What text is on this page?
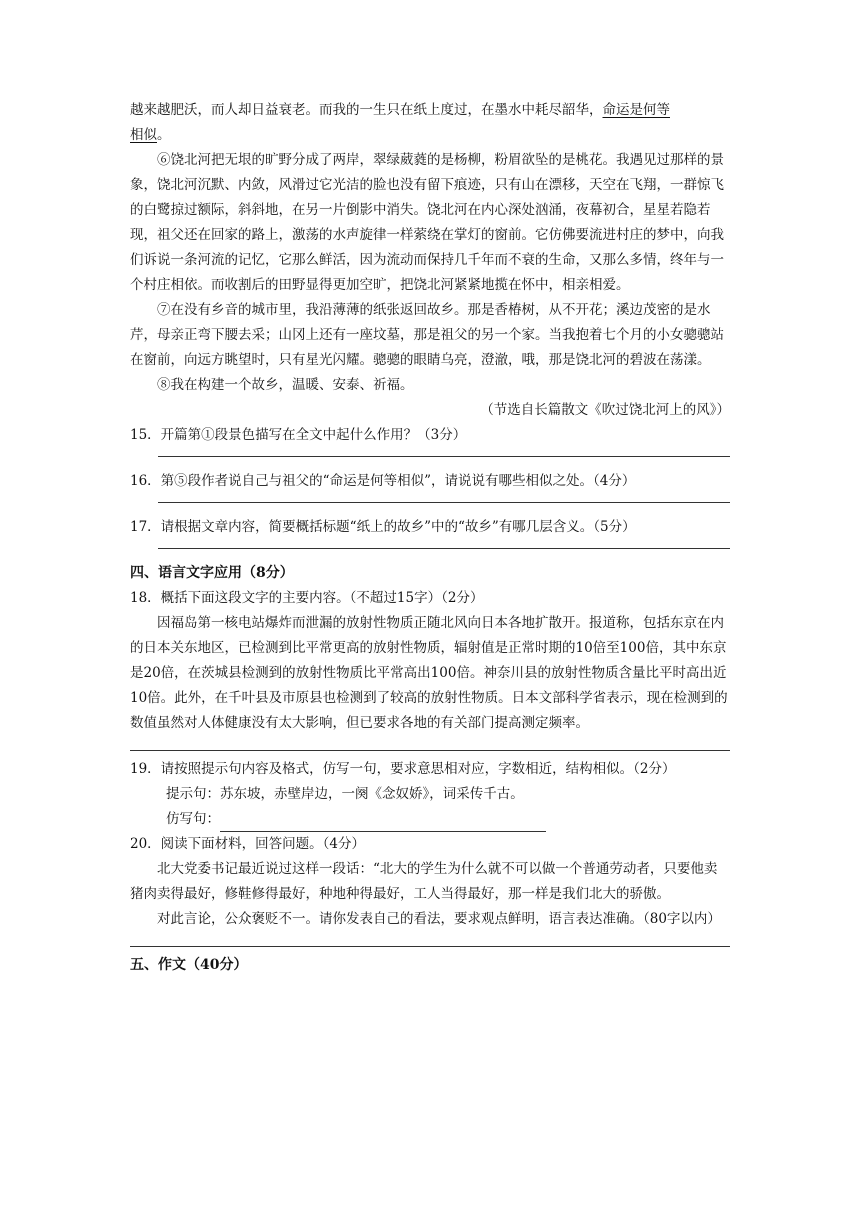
越来越肥沃，而人却日益衰老。而我的一生只在纸上度过，在墨水中耗尽韶华，命运是何等
相似。

⑥饶北河把无垠的旷野分成了两岸，翠绿葳蕤的是杨柳，粉眉欲坠的是桃花。我遇见过那样的景象，饶北河沉默、内敛，风滑过它光洁的脸也没有留下痕迹，只有山在漂移，天空在飞翔，一群惊飞的白鹭掠过额际，斜斜地，在另一片倒影中消失。饶北河在内心深处汹涌，夜幕初合，星星若隐若现，祖父还在回家的路上，激荡的水声旋律一样萦绕在掌灯的窗前。它仿佛要流进村庄的梦中，向我们诉说一条河流的记忆，它那么鲜活，因为流动而保持几千年而不衰的生命，又那么多情，终年与一个村庄相依。而收割后的田野显得更加空旷，把饶北河紧紧地揽在怀中，相亲相爱。

⑦在没有乡音的城市里，我沿薄薄的纸张返回故乡。那是香椿树，从不开花；溪边茂密的是水芹，母亲正弯下腰去采；山冈上还有一座坟墓，那是祖父的另一个家。当我抱着七个月的小女骢骢站在窗前，向远方眺望时，只有星光闪耀。骢骢的眼睛乌亮，澄澈，哦，那是饶北河的碧波在荡漾。

⑧我在构建一个故乡，温暖、安泰、祈福。

（节选自长篇散文《吹过饶北河上的风》）

15．开篇第①段景色描写在全文中起什么作用？（3分）

16．第⑤段作者说自己与祖父的“命运是何等相似”，请说说有哪些相似之处。（4分）

17．请根据文章内容，简要概括标题“纸上的故乡”中的“故乡”有哪几层含义。（5分）

四、语言文字应用（8分）

18．概括下面这段文字的主要内容。（不超过15字）（2分）

因福岛第一核电站爆炸而泄漏的放射性物质正随北风向日本各地扩散开。报道称，包括东京在内的日本关东地区，已检测到比平常更高的放射性物质，辐射值是正常时期的10倍至100倍，其中东京是20倍，在茨城县检测到的放射性物质比平常高出100倍。神奈川县的放射性物质含量比平时高出近10倍。此外，在千叶县及市原县也检测到了较高的放射性物质。日本文部科学省表示，现在检测到的数值虽然对人体健康没有太大影响，但已要求各地的有关部门提高测定频率。

19．请按照提示句内容及格式，仿写一句，要求意思相对应，字数相近，结构相似。（2分）

提示句：苏东坡，赤壁岸边，一阕《念奴娇》，词采传千古。

仿写句：

20．阅读下面材料，回答问题。（4分）

北大党委书记最近说过这样一段话：“北大的学生为什么就不可以做一个普通劳动者，只要他卖猪肉卖得最好，修鞋修得最好，种地种得最好，工人当得最好，那一样是我们北大的骄傲。

对此言论，公众褒贬不一。请你发表自己的看法，要求观点鲜明，语言表达准确。（80字以内）

五、作文（40分）
